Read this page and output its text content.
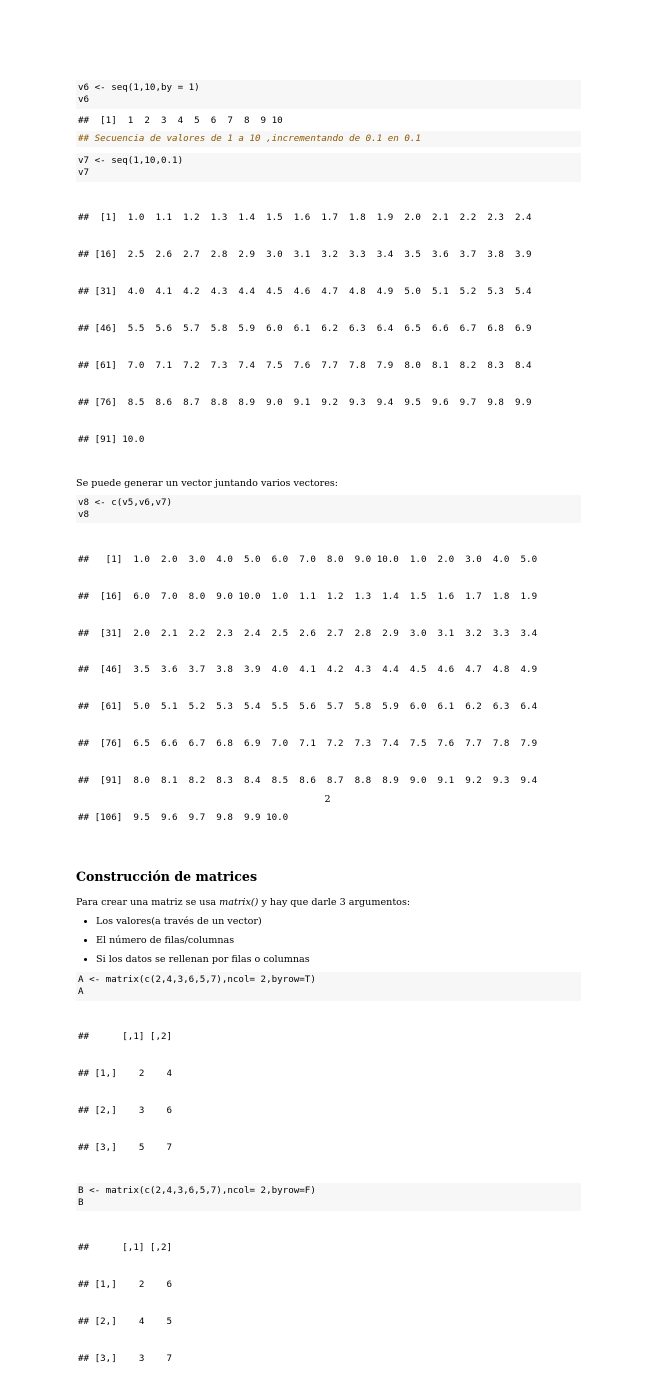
v6 <- seq(1,10,by = 1)
v6
##  [1]  1  2  3  4  5  6  7  8  9 10
## Secuencia de valores de 1 a 10 ,incrementando de 0.1 en 0.1
v7 <- seq(1,10,0.1)
v7

##  [1]  1.0  1.1  1.2  1.3  1.4  1.5  1.6  1.7  1.8  1.9  2.0  2.1  2.2  2.3  2.4

## [16]  2.5  2.6  2.7  2.8  2.9  3.0  3.1  3.2  3.3  3.4  3.5  3.6  3.7  3.8  3.9

## [31]  4.0  4.1  4.2  4.3  4.4  4.5  4.6  4.7  4.8  4.9  5.0  5.1  5.2  5.3  5.4

## [46]  5.5  5.6  5.7  5.8  5.9  6.0  6.1  6.2  6.3  6.4  6.5  6.6  6.7  6.8  6.9

## [61]  7.0  7.1  7.2  7.3  7.4  7.5  7.6  7.7  7.8  7.9  8.0  8.1  8.2  8.3  8.4

## [76]  8.5  8.6  8.7  8.8  8.9  9.0  9.1  9.2  9.3  9.4  9.5  9.6  9.7  9.8  9.9

## [91] 10.0

Se puede generar un vector juntando varios vectores:

v8 <- c(v5,v6,v7)
v8

##   [1]  1.0  2.0  3.0  4.0  5.0  6.0  7.0  8.0  9.0 10.0  1.0  2.0  3.0  4.0  5.0

##  [16]  6.0  7.0  8.0  9.0 10.0  1.0  1.1  1.2  1.3  1.4  1.5  1.6  1.7  1.8  1.9

##  [31]  2.0  2.1  2.2  2.3  2.4  2.5  2.6  2.7  2.8  2.9  3.0  3.1  3.2  3.3  3.4

##  [46]  3.5  3.6  3.7  3.8  3.9  4.0  4.1  4.2  4.3  4.4  4.5  4.6  4.7  4.8  4.9

##  [61]  5.0  5.1  5.2  5.3  5.4  5.5  5.6  5.7  5.8  5.9  6.0  6.1  6.2  6.3  6.4

##  [76]  6.5  6.6  6.7  6.8  6.9  7.0  7.1  7.2  7.3  7.4  7.5  7.6  7.7  7.8  7.9

##  [91]  8.0  8.1  8.2  8.3  8.4  8.5  8.6  8.7  8.8  8.9  9.0  9.1  9.2  9.3  9.4

## [106]  9.5  9.6  9.7  9.8  9.9 10.0

Construcción de matrices

Para crear una matriz se usa matrix() y hay que darle 3 argumentos:

• Los valores(a través de un vector)
• El número de filas/columnas
• Si los datos se rellenan por filas o columnas
A <- matrix(c(2,4,3,6,5,7),ncol= 2,byrow=T)
A

##      [,1] [,2]

## [1,]    2    4

## [2,]    3    6

## [3,]    5    7

B <- matrix(c(2,4,3,6,5,7),ncol= 2,byrow=F)
B

##      [,1] [,2]

## [1,]    2    6

## [2,]    4    5

## [3,]    3    7

2
